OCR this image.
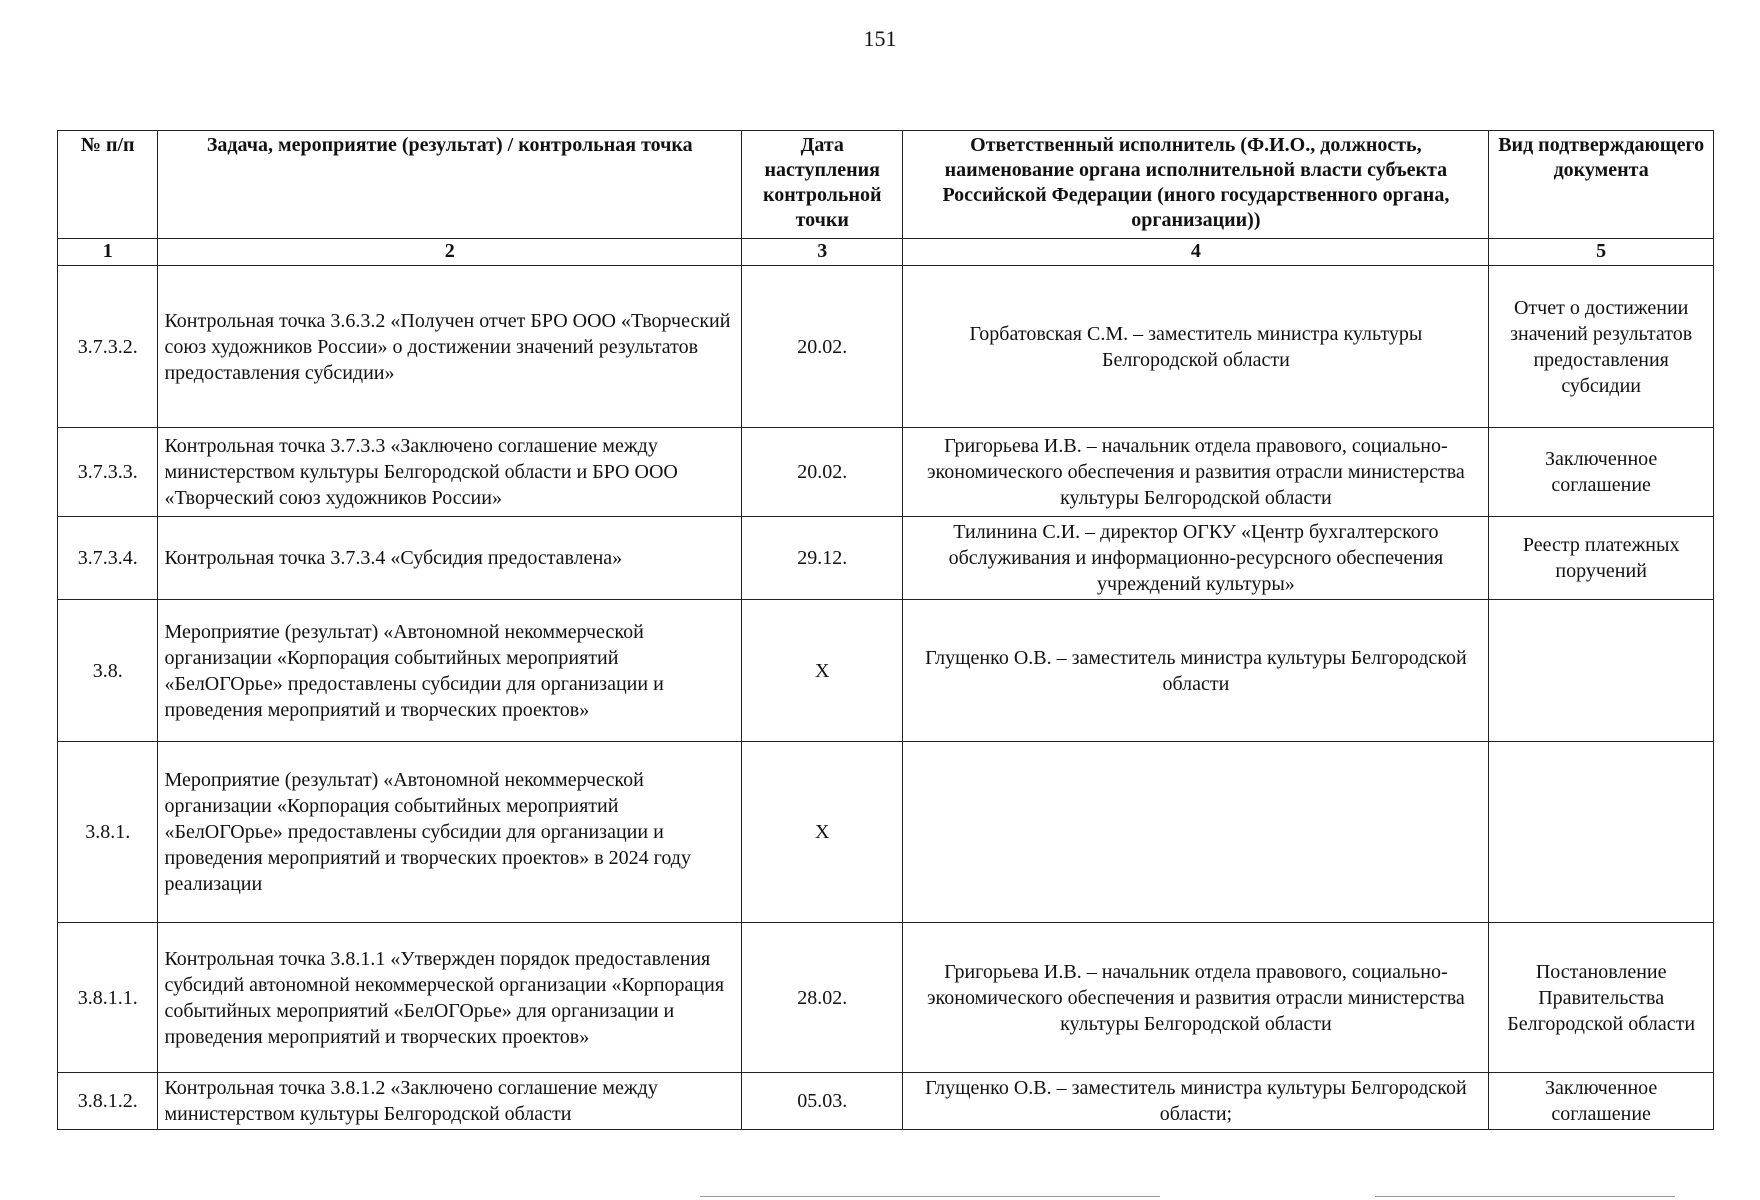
151
№ п/п	Задача, мероприятие (результат) / контрольная точка	Дата наступления контрольной точки	Ответственный исполнитель (Ф.И.О., должность, наименование органа исполнительной власти субъекта Российской Федерации (иного государственного органа, организации))	Вид подтверждающего документа
1	2	3	4	5
3.7.3.2.	Контрольная точка 3.6.3.2 «Получен отчет БРО ООО «Творческий союз художников России» о достижении значений результатов предоставления субсидии»	20.02.	Горбатовская С.М. – заместитель министра культуры Белгородской области	Отчет о достижении значений результатов предоставления субсидии
3.7.3.3.	Контрольная точка 3.7.3.3 «Заключено соглашение между министерством культуры Белгородской области и БРО ООО «Творческий союз художников России»	20.02.	Григорьева И.В. – начальник отдела правового, социально-экономического обеспечения и развития отрасли министерства культуры Белгородской области	Заключенное соглашение
3.7.3.4.	Контрольная точка 3.7.3.4 «Субсидия предоставлена»	29.12.	Тилинина С.И. – директор ОГКУ «Центр бухгалтерского обслуживания и информационно-ресурсного обеспечения учреждений культуры»	Реестр платежных поручений
3.8.	Мероприятие (результат) «Автономной некоммерческой организации «Корпорация событийных мероприятий «БелОГОрье» предоставлены субсидии для организации и проведения мероприятий и творческих проектов»	Х	Глущенко О.В. – заместитель министра культуры Белгородской области	
3.8.1.	Мероприятие (результат) «Автономной некоммерческой организации «Корпорация событийных мероприятий «БелОГОрье» предоставлены субсидии для организации и проведения мероприятий и творческих проектов» в 2024 году реализации	Х		
3.8.1.1.	Контрольная точка 3.8.1.1 «Утвержден порядок предоставления субсидий автономной некоммерческой организации «Корпорация событийных мероприятий «БелОГОрье» для организации и проведения мероприятий и творческих проектов»	28.02.	Григорьева И.В. – начальник отдела правового, социально-экономического обеспечения и развития отрасли министерства культуры Белгородской области	Постановление Правительства Белгородской области
3.8.1.2.	Контрольная точка 3.8.1.2 «Заключено соглашение между министерством культуры Белгородской области	05.03.	Глущенко О.В. – заместитель министра культуры Белгородской области;	Заключенное соглашение
